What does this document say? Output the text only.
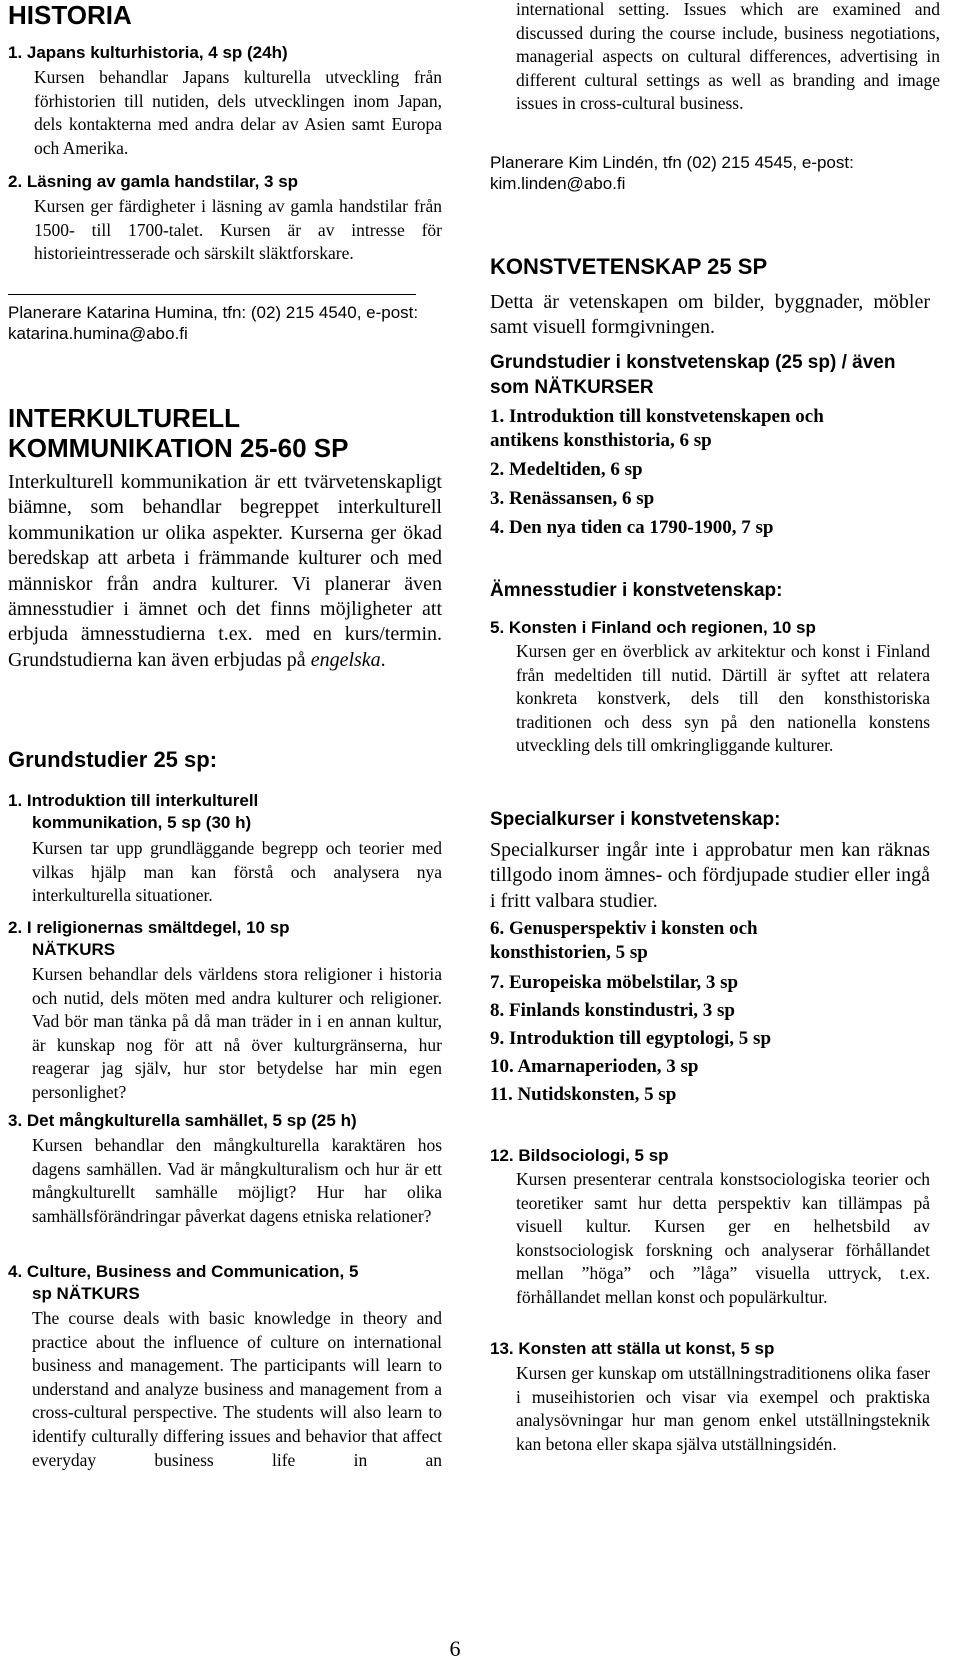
HISTORIA
1. Japans kulturhistoria, 4 sp (24h)
Kursen behandlar Japans kulturella utveckling från förhistorien till nutiden, dels utvecklingen inom Japan, dels kontakterna med andra delar av Asien samt Europa och Amerika.
2. Läsning av gamla handstilar, 3 sp
Kursen ger färdigheter i läsning av gamla handstilar från 1500- till 1700-talet. Kursen är av intresse för historieintresserade och särskilt släktforskare.
Planerare Katarina Humina, tfn: (02) 215 4540, e-post: katarina.humina@abo.fi
INTERKULTURELL
KOMMUNIKATION 25-60 SP
Interkulturell kommunikation är ett tvärvetenskapligt biämne, som behandlar begreppet interkulturell kommunikation ur olika aspekter. Kurserna ger ökad beredskap att arbeta i främmande kulturer och med människor från andra kulturer. Vi planerar även ämnesstudier i ämnet och det finns möjligheter att erbjuda ämnesstudierna t.ex. med en kurs/termin. Grundstudierna kan även erbjudas på engelska.
Grundstudier 25 sp:
1. Introduktion till interkulturell
kommunikation, 5 sp (30 h)
Kursen tar upp grundläggande begrepp och teorier med vilkas hjälp man kan förstå och analysera nya interkulturella situationer.
2. I religionernas smältdegel, 10 sp
NÄTKURS
Kursen behandlar dels världens stora religioner i historia och nutid, dels möten med andra kulturer och religioner. Vad bör man tänka på då man träder in i en annan kultur, är kunskap nog för att nå över kulturgränserna, hur reagerar jag själv, hur stor betydelse har min egen personlighet?
3. Det mångkulturella samhället, 5 sp (25 h)
Kursen behandlar den mångkulturella karaktären hos dagens samhällen. Vad är mångkulturalism och hur är ett mångkulturellt samhälle möjligt? Hur har olika samhällsförändringar påverkat dagens etniska relationer?
4. Culture, Business and Communication, 5
sp NÄTKURS
The course deals with basic knowledge in theory and practice about the influence of culture on international business and management. The participants will learn to understand and analyze business and management from a cross-cultural perspective. The students will also learn to identify culturally differing issues and behavior that affect everyday business life in an
international setting. Issues which are examined and discussed during the course include, business negotiations, managerial aspects on cultural differences, advertising in different cultural settings as well as branding and image issues in cross-cultural business.
Planerare Kim Lindén, tfn (02) 215 4545, e-post: kim.linden@abo.fi
KONSTVETENSKAP 25 SP
Detta är vetenskapen om bilder, byggnader, möbler samt visuell formgivningen.
Grundstudier i konstvetenskap (25 sp) / även som NÄTKURSER
1. Introduktion till konstvetenskapen och
antikens konsthistoria, 6 sp
2. Medeltiden, 6 sp
3. Renässansen, 6 sp
4. Den nya tiden ca 1790-1900, 7 sp
Ämnesstudier i konstvetenskap:
5. Konsten i Finland och regionen, 10 sp
Kursen ger en överblick av arkitektur och konst i Finland från medeltiden till nutid. Därtill är syftet att relatera konkreta konstverk, dels till den konsthistoriska traditionen och dess syn på den nationella konstens utveckling dels till omkringliggande kulturer.
Specialkurser i konstvetenskap:
Specialkurser ingår inte i approbatur men kan räknas tillgodo inom ämnes- och fördjupade studier eller ingå i fritt valbara studier.
6. Genusperspektiv i konsten och
konsthistorien, 5 sp
7. Europeiska möbelstilar, 3 sp
8. Finlands konstindustri, 3 sp
9. Introduktion till egyptologi, 5 sp
10. Amarnaperioden, 3 sp
11. Nutidskonsten, 5 sp
12. Bildsociologi, 5 sp
Kursen presenterar centrala konstsociologiska teorier och teoretiker samt hur detta perspektiv kan tillämpas på visuell kultur. Kursen ger en helhetsbild av konstsociologisk forskning och analyserar förhållandet mellan ”höga” och ”låga” visuella uttryck, t.ex. förhållandet mellan konst och populärkultur.
13. Konsten att ställa ut konst, 5 sp
Kursen ger kunskap om utställningstraditionens olika faser i museihistorien och visar via exempel och praktiska analysövningar hur man genom enkel utställningsteknik kan betona eller skapa själva utställningsidén.
6
